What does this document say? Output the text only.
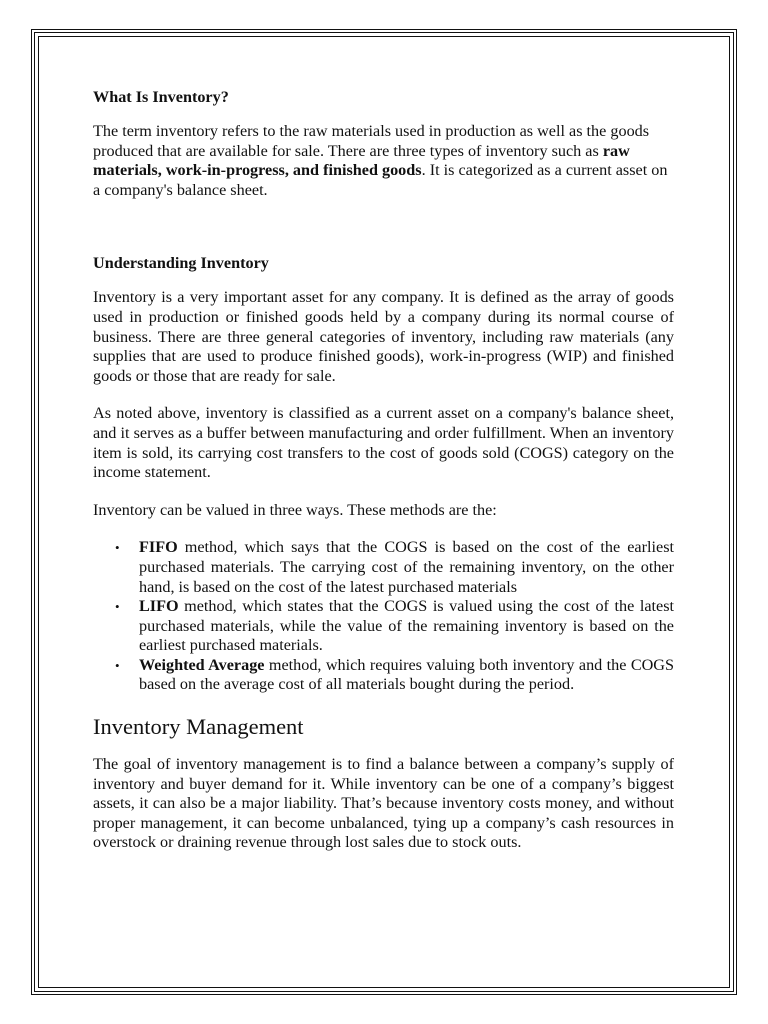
What Is Inventory?

The term inventory refers to the raw materials used in production as well as the goods produced that are available for sale. There are three types of inventory such as raw materials, work-in-progress, and finished goods. It is categorized as a current asset on a company's balance sheet.

Understanding Inventory

Inventory is a very important asset for any company. It is defined as the array of goods used in production or finished goods held by a company during its normal course of business. There are three general categories of inventory, including raw materials (any supplies that are used to produce finished goods), work-in-progress (WIP) and finished goods or those that are ready for sale.

As noted above, inventory is classified as a current asset on a company's balance sheet, and it serves as a buffer between manufacturing and order fulfillment. When an inventory item is sold, its carrying cost transfers to the cost of goods sold (COGS) category on the income statement.

Inventory can be valued in three ways. These methods are the:

• FIFO method, which says that the COGS is based on the cost of the earliest purchased materials. The carrying cost of the remaining inventory, on the other hand, is based on the cost of the latest purchased materials
• LIFO method, which states that the COGS is valued using the cost of the latest purchased materials, while the value of the remaining inventory is based on the earliest purchased materials.
• Weighted Average method, which requires valuing both inventory and the COGS based on the average cost of all materials bought during the period.
Inventory Management

The goal of inventory management is to find a balance between a company’s supply of inventory and buyer demand for it. While inventory can be one of a company’s biggest assets, it can also be a major liability. That’s because inventory costs money, and without proper management, it can become unbalanced, tying up a company’s cash resources in overstock or draining revenue through lost sales due to stock outs.
